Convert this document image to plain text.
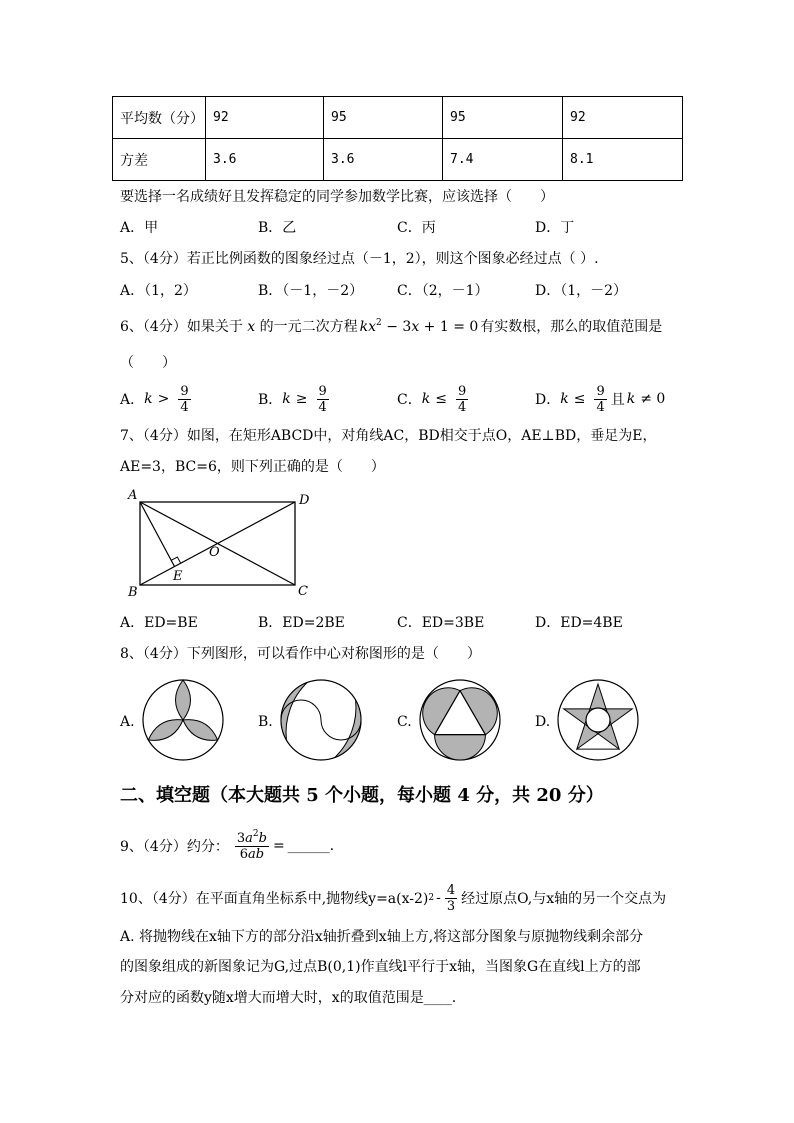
平均数（分）	92	95	95	92
方差	3.6	3.6	7.4	8.1
要选择一名成绩好且发挥稳定的同学参加数学比赛，应该选择（　　）
A．甲	B．乙	C．丙	D．丁
5、（4分）若正比例函数的图象经过点（－1，2），则这个图象必经过点（ ）.
A．（1，2）	B．（－1，－2） C．（2，－1）	D．（1，－2）
6、（4分）如果关于 x 的一元二次方程 $kx^2 - 3x + 1 = 0$ 有实数根，那么的取值范围是
（　　）
A． $k > \frac{9}{4}$	B． $k \ge \frac{9}{4}$	C． $k \le \frac{9}{4}$	D． $k \le \frac{9}{4}$ 且 k ≠ 0
7、（4分）如图，在矩形ABCD中，对角线AC，BD相交于点O，AE⊥BD，垂足为E，
AE=3，BC=6，则下列正确的是（　　）
A	D
B	C
O
E
A．ED=BE	B．ED=2BE	C．ED=3BE	D．ED=4BE
8、（4分）下列图形，可以看作中心对称图形的是（　　）
A.	B.	C.	D.
二、填空题（本大题共 5 个小题，每小题 4 分，共 20 分）
9、（4分）约分： $\frac{3a^2b}{6ab}$ = ______ .
10、（4分）在平面直角坐标系中,抛物线y=a(x-2) $2 - \frac{4}{3}$ 经过原点O,与x轴的另一个交点为
A. 将抛物线在x轴下方的部分沿x轴折叠到x轴上方,将这部分图象与原抛物线剩余部分
的图象组成的新图象记为G,过点B(0,1)作直线l平行于x轴，当图象G在直线l上方的部
分对应的函数y随x增大而增大时，x的取值范围是____.
